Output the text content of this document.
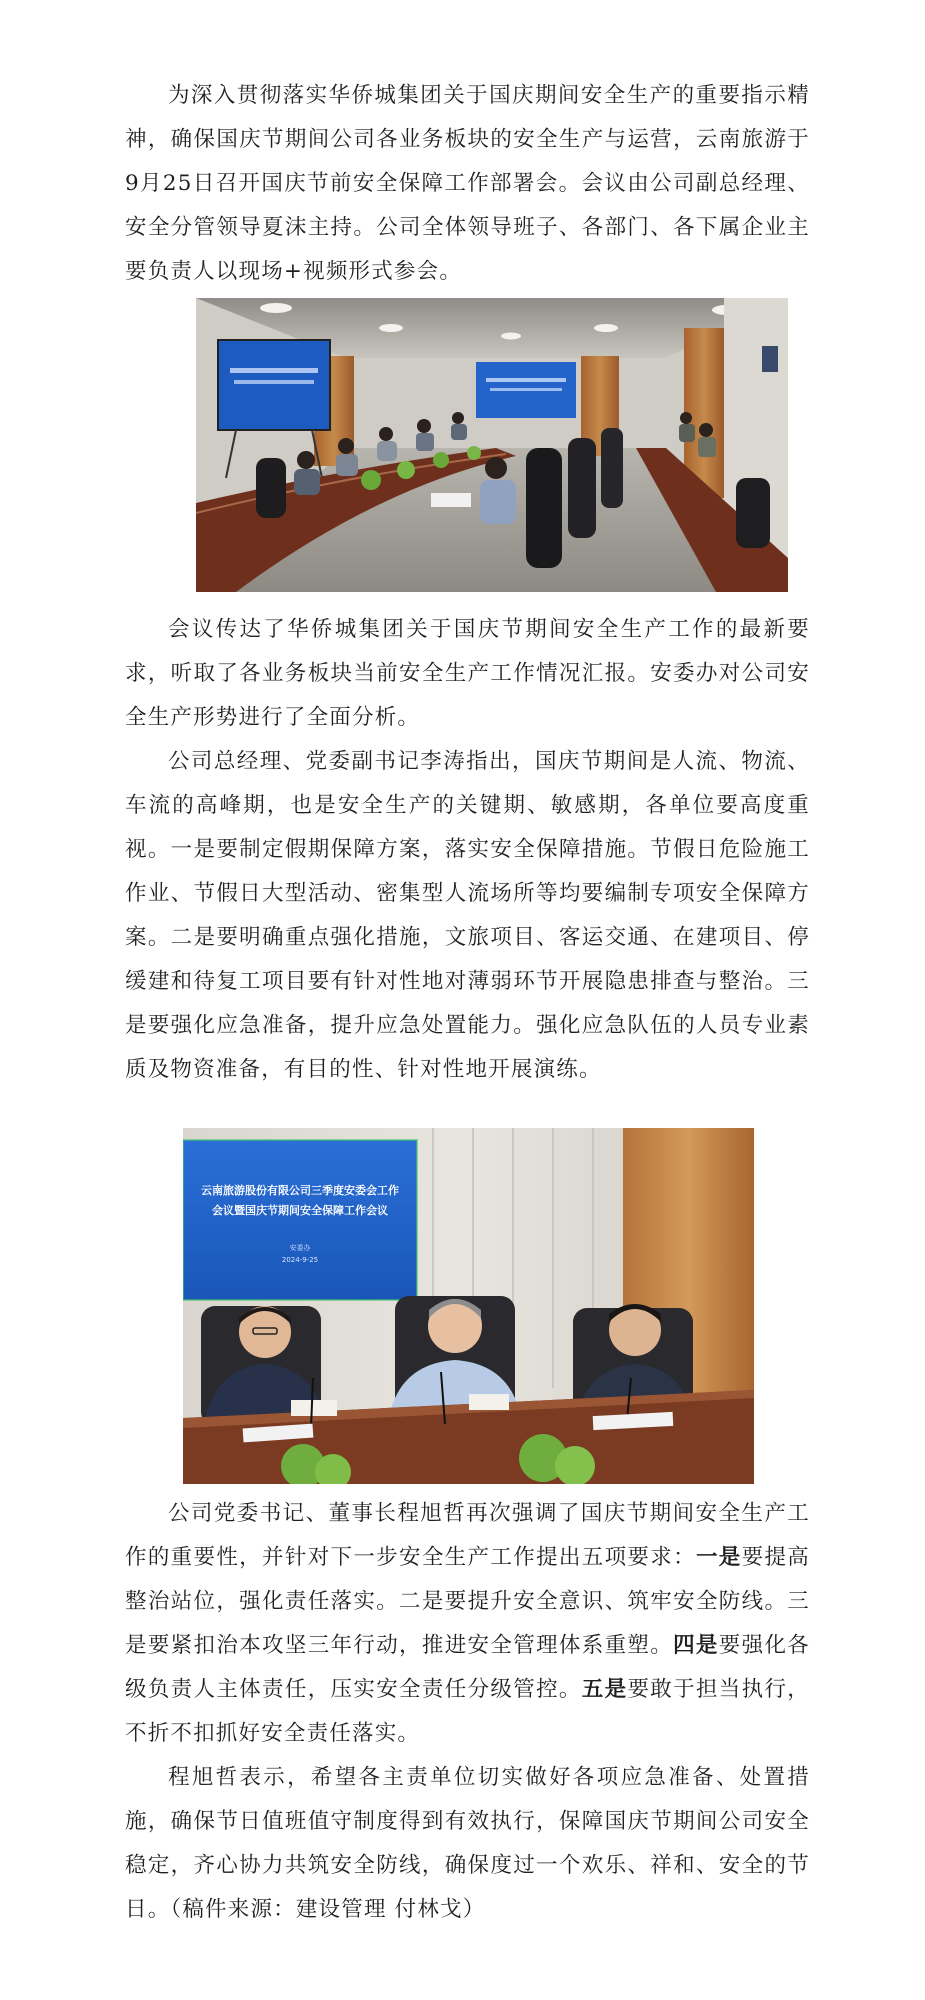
为深入贯彻落实华侨城集团关于国庆期间安全生产的重要指示精神，确保国庆节期间公司各业务板块的安全生产与运营，云南旅游于9月25日召开国庆节前安全保障工作部署会。会议由公司副总经理、安全分管领导夏沫主持。公司全体领导班子、各部门、各下属企业主要负责人以现场+视频形式参会。

会议传达了华侨城集团关于国庆节期间安全生产工作的最新要求，听取了各业务板块当前安全生产工作情况汇报。安委办对公司安全生产形势进行了全面分析。

公司总经理、党委副书记李涛指出，国庆节期间是人流、物流、车流的高峰期，也是安全生产的关键期、敏感期，各单位要高度重视。一是要制定假期保障方案，落实安全保障措施。节假日危险施工作业、节假日大型活动、密集型人流场所等均要编制专项安全保障方案。二是要明确重点强化措施，文旅项目、客运交通、在建项目、停缓建和待复工项目要有针对性地对薄弱环节开展隐患排查与整治。三是要强化应急准备，提升应急处置能力。强化应急队伍的人员专业素质及物资准备，有目的性、针对性地开展演练。

云南旅游股份有限公司三季度安委会工作
会议暨国庆节期间安全保障工作会议
安委办
2024-9-25

公司党委书记、董事长程旭哲再次强调了国庆节期间安全生产工作的重要性，并针对下一步安全生产工作提出五项要求：一是要提高整治站位，强化责任落实。二是要提升安全意识、筑牢安全防线。三是要紧扣治本攻坚三年行动，推进安全管理体系重塑。四是要强化各级负责人主体责任，压实安全责任分级管控。五是要敢于担当执行，不折不扣抓好安全责任落实。

程旭哲表示，希望各主责单位切实做好各项应急准备、处置措施，确保节日值班值守制度得到有效执行，保障国庆节期间公司安全稳定，齐心协力共筑安全防线，确保度过一个欢乐、祥和、安全的节日。（稿件来源：建设管理 付林戈）
